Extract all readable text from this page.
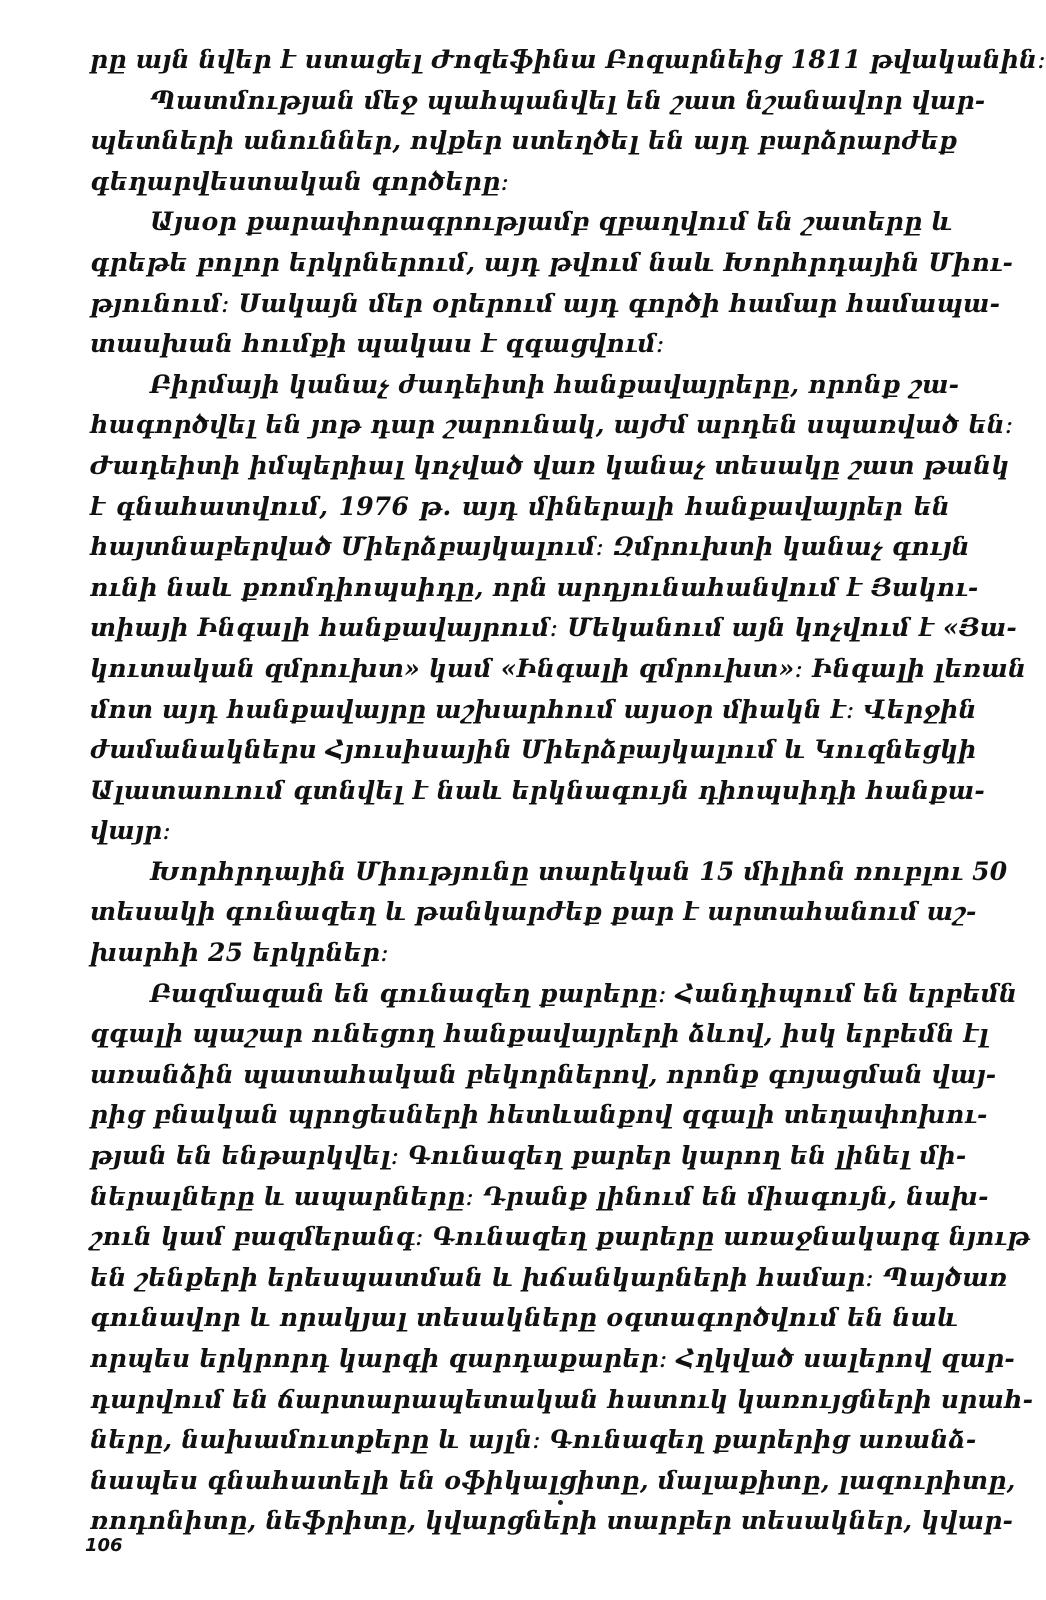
րը այն նվեր է ստացել Ժոզեֆինա Բոզարնեից 1811 թվականին։
Պատմության մեջ պահպանվել են շատ նշանավոր վար-
պետների անուններ, ովքեր ստեղծել են այդ բարձրարժեք
գեղարվեստական գործերը։
Այսօր քարափորագրությամբ զբաղվում են շատերը և
գրեթե բոլոր երկրներում, այդ թվում նաև Խորհրդային Միու-
թյունում։ Սակայն մեր օրերում այդ գործի համար համապա-
տասխան հումքի պակաս է զգացվում։
Բիրմայի կանաչ ժադեիտի հանքավայրերը, որոնք շա-
հագործվել են յոթ դար շարունակ, այժմ արդեն սպառված են։
Ժադեիտի իմպերիալ կոչված վառ կանաչ տեսակը շատ թանկ
է գնահատվում, 1976 թ. այդ միներալի հանքավայրեր են
հայտնաբերված Միերձբայկալում։ Զմրուխտի կանաչ գույն
ունի նաև քռոմդիոպսիդը, որն արդյունահանվում է Յակու-
տիայի Ինգալի հանքավայրում։ Մեկանում այն կոչվում է «Յա-
կուտական զմրուխտ» կամ «Ինգալի զմրուխտ»։ Ինգալի լեռան
մոտ այդ հանքավայրը աշխարհում այսօր միակն է։ Վերջին
ժամանակներս Հյուսիսային Միերձբայկալում և Կուզնեցկի
Ալատաուում գտնվել է նաև երկնագույն դիոպսիդի հանքա-
վայր։
Խորհրդային Միությունը տարեկան 15 միլիոն ռուբլու 50
տեսակի գունազեղ և թանկարժեք քար է արտահանում աշ-
խարհի 25 երկրներ։
Բազմազան են գունազեղ քարերը։ Հանդիպում են երբեմն
զգալի պաշար ունեցող հանքավայրերի ձևով, իսկ երբեմն էլ
առանձին պատահական բեկորներով, որոնք գոյացման վայ-
րից բնական պրոցեսների հետևանքով զգալի տեղափոխու-
թյան են ենթարկվել։ Գունազեղ քարեր կարող են լինել մի-
ներալները և ապարները։ Դրանք լինում են միագույն, նախ-
շուն կամ բազմերանգ։ Գունազեղ քարերը առաջնակարգ նյութ
են շենքերի երեսպատման և խճանկարների համար։ Պայծառ
գունավոր և որակյալ տեսակները օգտագործվում են նաև
որպես երկրորդ կարգի զարդաքարեր։ Հղկված սալերով զար-
դարվում են ճարտարապետական հատուկ կառույցների սրահ-
ները, նախամուտքերը և այլն։ Գունազեղ քարերից առանձ-
նապես գնահատելի են օֆիկալցիտը, մալաքիտը, լազուրիտը,
ռոդոնիտը, նեֆրիտը, կվարցների տարբեր տեսակներ, կվար-
106
